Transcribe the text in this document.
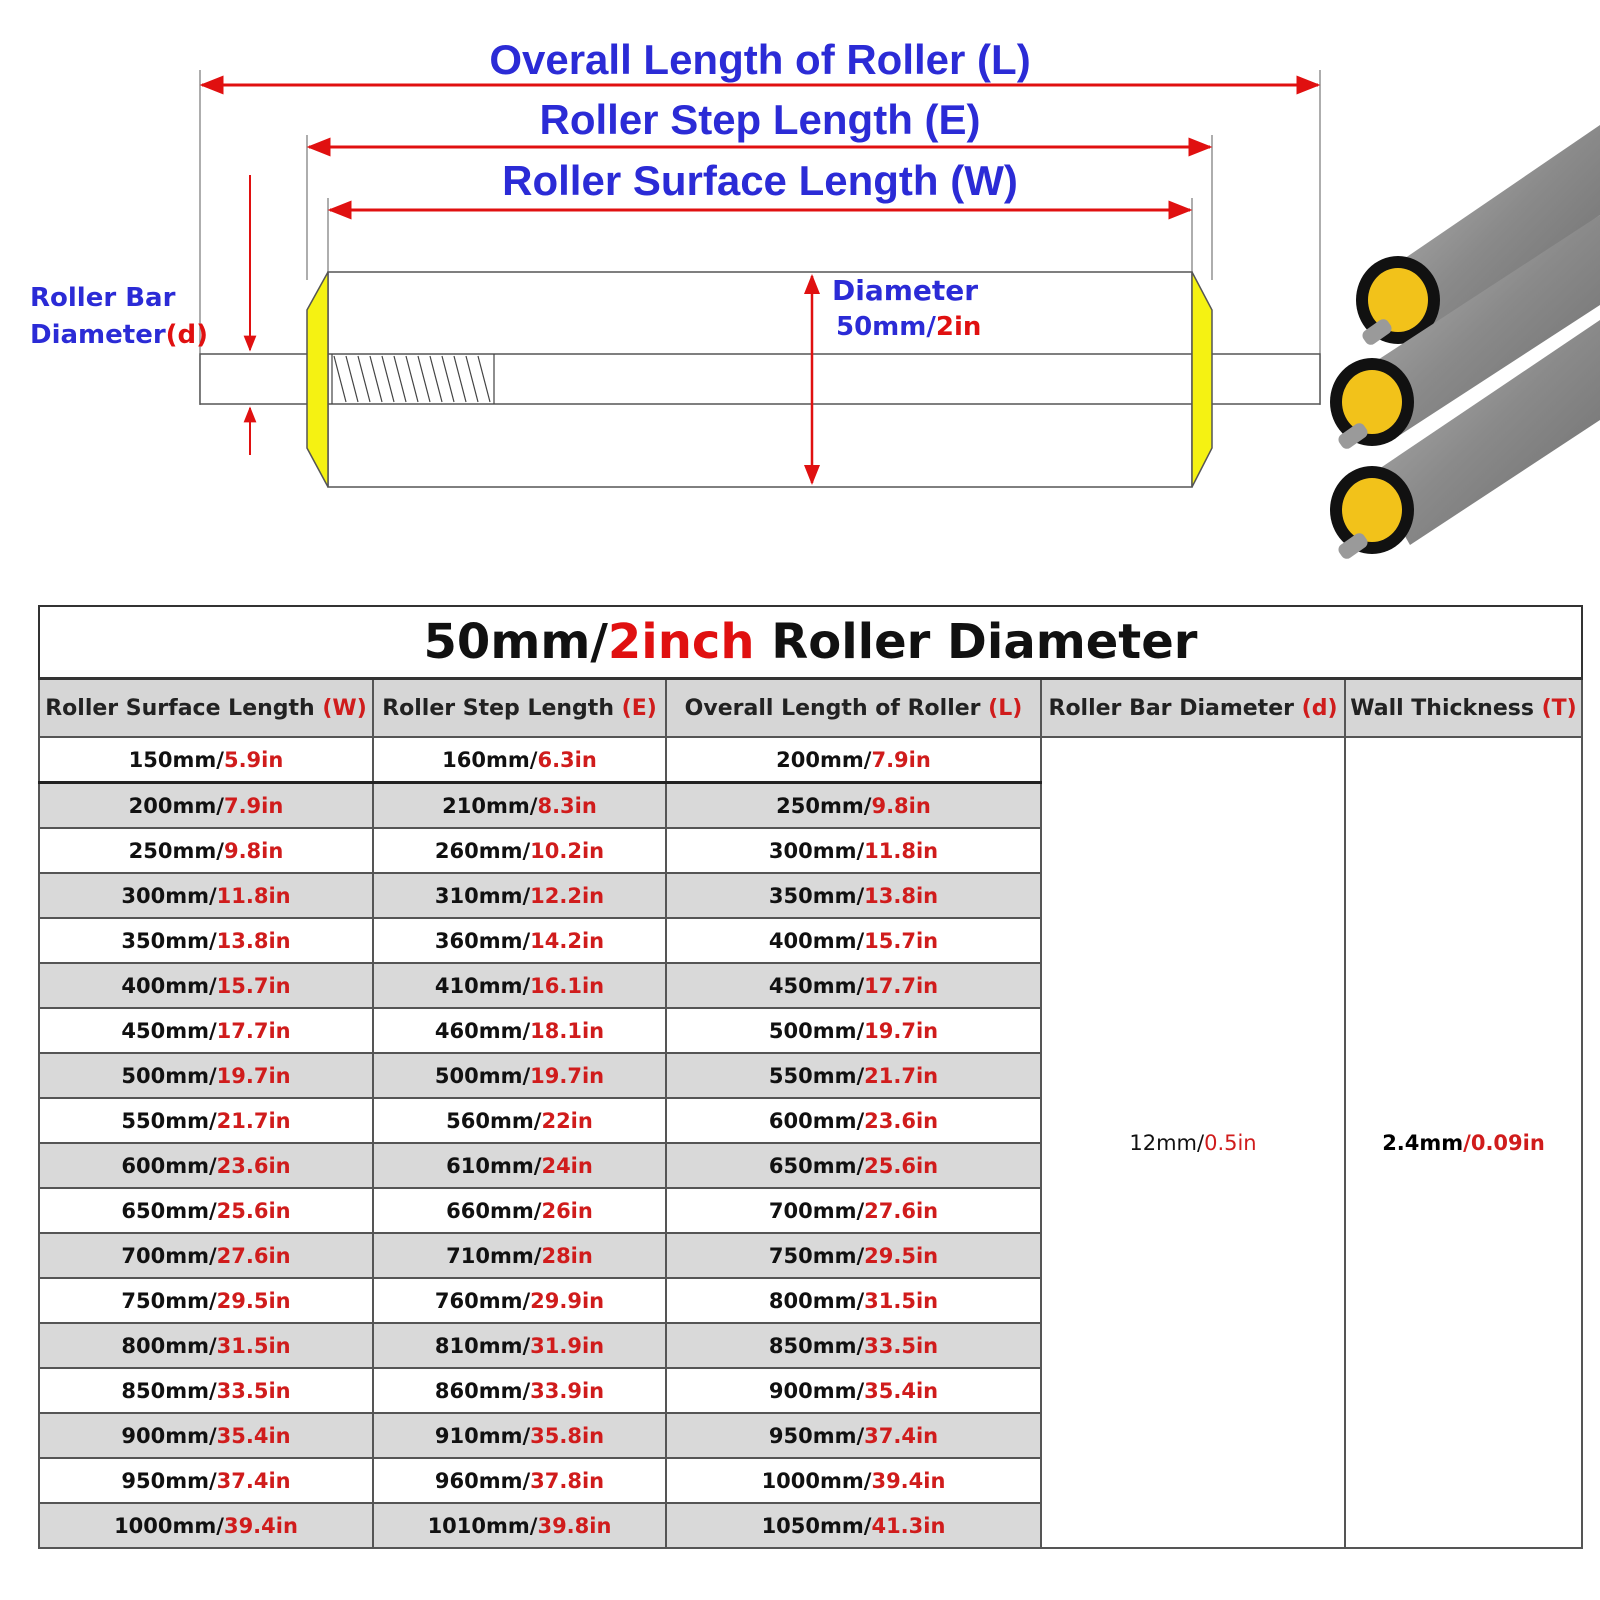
Overall Length of Roller (L)
Roller Step Length (E)
Roller Surface Length (W)
Roller Bar
Diameter(d)
Diameter
50mm/2in
50mm/2inch Roller Diameter				
Roller Surface Length (W)	Roller Step Length (E)	Overall Length of Roller (L)	Roller Bar Diameter (d)	Wall Thickness (T)
150mm/5.9in	160mm/6.3in	200mm/7.9in	12mm/0.5in	2.4mm/0.09in
200mm/7.9in	210mm/8.3in	250mm/9.8in		
250mm/9.8in	260mm/10.2in	300mm/11.8in		
300mm/11.8in	310mm/12.2in	350mm/13.8in		
350mm/13.8in	360mm/14.2in	400mm/15.7in		
400mm/15.7in	410mm/16.1in	450mm/17.7in		
450mm/17.7in	460mm/18.1in	500mm/19.7in		
500mm/19.7in	500mm/19.7in	550mm/21.7in		
550mm/21.7in	560mm/22in	600mm/23.6in		
600mm/23.6in	610mm/24in	650mm/25.6in		
650mm/25.6in	660mm/26in	700mm/27.6in		
700mm/27.6in	710mm/28in	750mm/29.5in		
750mm/29.5in	760mm/29.9in	800mm/31.5in		
800mm/31.5in	810mm/31.9in	850mm/33.5in		
850mm/33.5in	860mm/33.9in	900mm/35.4in		
900mm/35.4in	910mm/35.8in	950mm/37.4in		
950mm/37.4in	960mm/37.8in	1000mm/39.4in		
1000mm/39.4in	1010mm/39.8in	1050mm/41.3in		
